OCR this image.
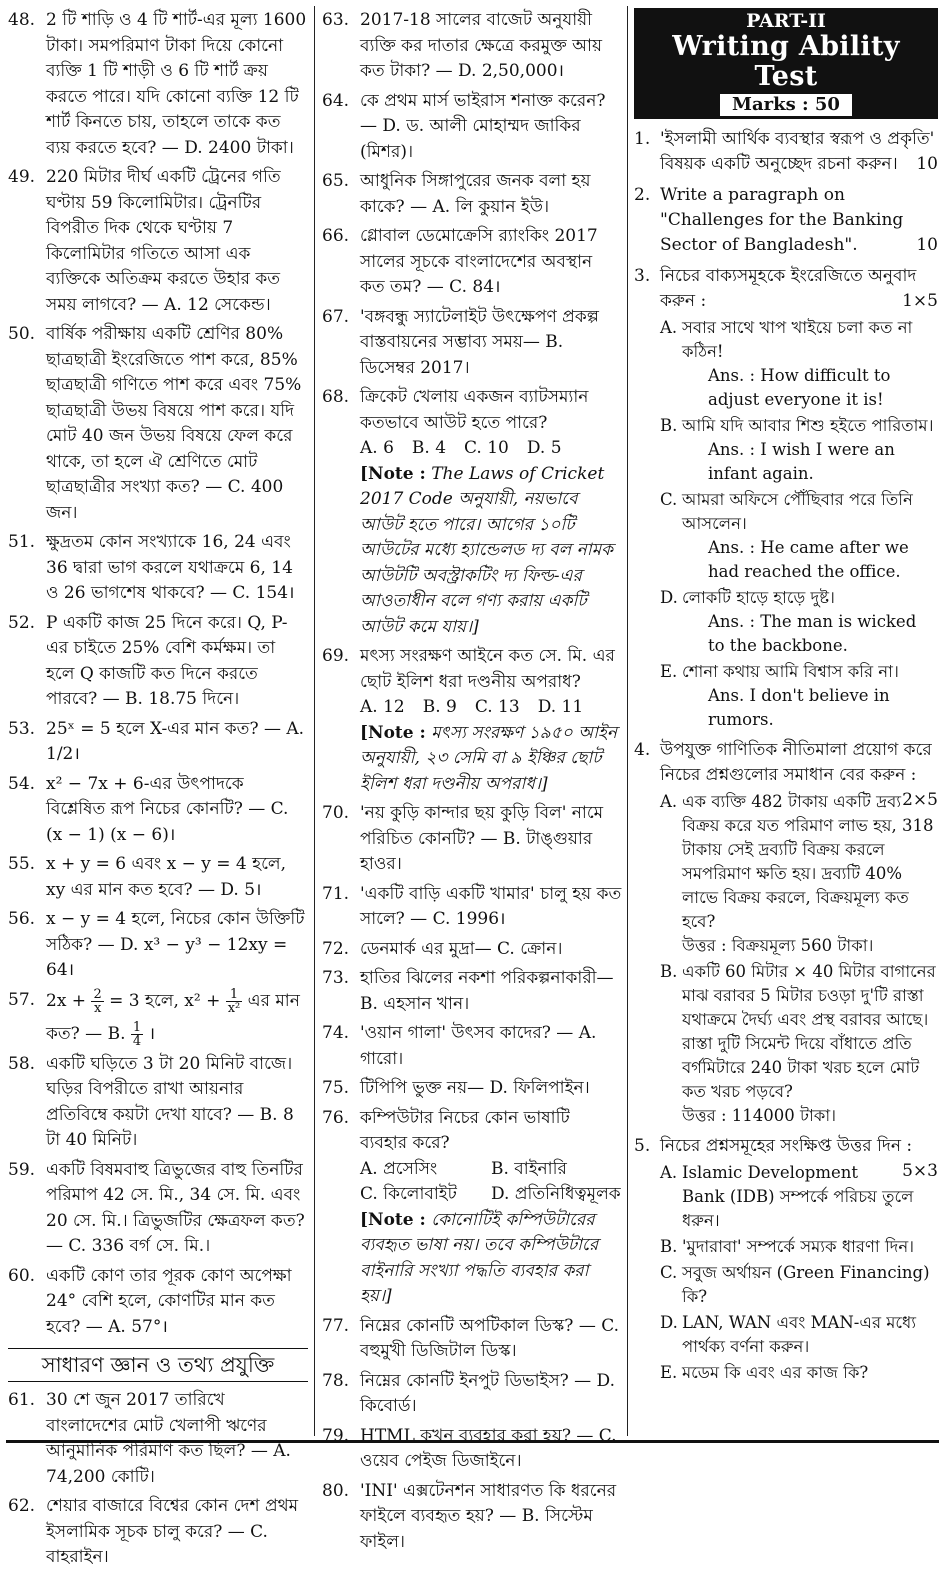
48. 2 টি শাড়ি ও 4 টি শার্ট-এর মূল্য 1600 টাকা। সমপরিমাণ টাকা দিয়ে কোনো ব্যক্তি 1 টি শাড়ী ও 6 টি শার্ট ক্রয় করতে পারে। যদি কোনো ব্যক্তি 12 টি শার্ট কিনতে চায়, তাহলে তাকে কত ব্যয় করতে হবে? — D. 2400 টাকা।
49. 220 মিটার দীর্ঘ একটি ট্রেনের গতি ঘণ্টায় 59 কিলোমিটার। ট্রেনটির বিপরীত দিক থেকে ঘণ্টায় 7 কিলোমিটার গতিতে আসা এক ব্যক্তিকে অতিক্রম করতে উহার কত সময় লাগবে? — A. 12 সেকেন্ড।
50. বার্ষিক পরীক্ষায় একটি শ্রেণির 80% ছাত্রছাত্রী ইংরেজিতে পাশ করে, 85% ছাত্রছাত্রী গণিতে পাশ করে এবং 75% ছাত্রছাত্রী উভয় বিষয়ে পাশ করে। যদি মোট 40 জন উভয় বিষয়ে ফেল করে থাকে, তা হলে ঐ শ্রেণিতে মোট ছাত্রছাত্রীর সংখ্যা কত? — C. 400 জন।
51. ক্ষুদ্রতম কোন সংখ্যাকে 16, 24 এবং 36 দ্বারা ভাগ করলে যথাক্রমে 6, 14 ও 26 ভাগশেষ থাকবে? — C. 154।
52. P একটি কাজ 25 দিনে করে। Q, P-এর চাইতে 25% বেশি কর্মক্ষম। তা হলে Q কাজটি কত দিনে করতে পারবে? — B. 18.75 দিনে।
53. 25ˣ = 5 হলে X-এর মান কত? — A. 1/2।
54. x² − 7x + 6-এর উৎপাদকে বিশ্লেষিত রূপ নিচের কোনটি? — C. (x − 1) (x − 6)।
55. x + y = 6 এবং x − y = 4 হলে, xy এর মান কত হবে? — D. 5।
56. x − y = 4 হলে, নিচের কোন উক্তিটি সঠিক? — D. x³ − y³ − 12xy = 64।
57. $2x + \frac{2}{x} = 3$ হলে, $x^2 + \frac{1}{\text{x²}}$ এর মান
কত? — B. $\frac{1}{4}$ ।
58. একটি ঘড়িতে 3 টা 20 মিনিট বাজে। ঘড়ির বিপরীতে রাখা আয়নার প্রতিবিম্বে কয়টা দেখা যাবে? — B. 8 টা 40 মিনিট।
59. একটি বিষমবাহু ত্রিভুজের বাহু তিনটির পরিমাপ 42 সে. মি., 34 সে. মি. এবং 20 সে. মি.। ত্রিভুজটির ক্ষেত্রফল কত? — C. 336 বর্গ সে. মি.।
60. একটি কোণ তার পূরক কোণ অপেক্ষা 24° বেশি হলে, কোণটির মান কত হবে? — A. 57°।
সাধারণ জ্ঞান ও তথ্য প্রযুক্তি
61. 30 শে জুন 2017 তারিখে বাংলাদেশের মোট খেলাপী ঋণের আনুমানিক পরিমাণ কত ছিল? — A. 74,200 কোটি।
62. শেয়ার বাজারে বিশ্বের কোন দেশ প্রথম ইসলামিক সূচক চালু করে? — C. বাহরাইন।
63. 2017-18 সালের বাজেট অনুযায়ী ব্যক্তি কর দাতার ক্ষেত্রে করমুক্ত আয় কত টাকা? — D. 2,50,000।
64. কে প্রথম মার্স ভাইরাস শনাক্ত করেন? — D. ড. আলী মোহাম্মদ জাকির (মিশর)।
65. আধুনিক সিঙ্গাপুরের জনক বলা হয় কাকে? — A. লি কুয়ান ইউ।
66. গ্লোবাল ডেমোক্রেসি র‍্যাংকিং 2017 সালের সূচকে বাংলাদেশের অবস্থান কত তম? — C. 84।
67. 'বঙ্গবন্ধু স্যাটেলাইট উৎক্ষেপণ প্রকল্প বাস্তবায়নের সম্ভাব্য সময়— B. ডিসেম্বর 2017।
68. ক্রিকেট খেলায় একজন ব্যাটসম্যান কতভাবে আউট হতে পারে?
A. 6 B. 4 C. 10 D. 5
[Note : The Laws of Cricket 2017 Code অনুযায়ী, নয়ভাবে আউট হতে পারে। আগের ১০টি আউটের মধ্যে হ্যান্ডেলড দ্য বল নামক আউটটি অবস্ট্রাকটিং দ্য ফিল্ড-এর আওতাধীন বলে গণ্য করায় একটি আউট কমে যায়।]
69. মৎস্য সংরক্ষণ আইনে কত সে. মি. এর ছোট ইলিশ ধরা দণ্ডনীয় অপরাধ?
A. 12 B. 9 C. 13 D. 11
[Note : মৎস্য সংরক্ষণ ১৯৫০ আইন অনুযায়ী, ২৩ সেমি বা ৯ ইঞ্চির ছোট ইলিশ ধরা দণ্ডনীয় অপরাধ।]
70. 'নয় কুড়ি কান্দার ছয় কুড়ি বিল' নামে পরিচিত কোনটি? — B. টাঙ্গুয়ার হাওর।
71. 'একটি বাড়ি একটি খামার' চালু হয় কত সালে? — C. 1996।
72. ডেনমার্ক এর মুদ্রা— C. ক্রোন।
73. হাতির ঝিলের নকশা পরিকল্পনাকারী— B. এহসান খান।
74. 'ওয়ান গালা' উৎসব কাদের? — A. গারো।
75. টিপিপি ভুক্ত নয়— D. ফিলিপাইন।
76. কম্পিউটার নিচের কোন ভাষাটি ব্যবহার করে?
A. প্রসেসিং	B. বাইনারি
C. কিলোবাইট	D. প্রতিনিধিত্বমূলক
[Note : কোনোটিই কম্পিউটারের ব্যবহৃত ভাষা নয়। তবে কম্পিউটারে বাইনারি সংখ্যা পদ্ধতি ব্যবহার করা হয়।]
77. নিম্নের কোনটি অপটিকাল ডিস্ক? — C. বহুমুখী ডিজিটাল ডিস্ক।
78. নিম্নের কোনটি ইনপুট ডিভাইস? — D. কিবোর্ড।
79. HTML কখন ব্যবহার করা হয়? — C. ওয়েব পেইজ ডিজাইনে।
80. 'INI' এক্সটেনশন সাধারণত কি ধরনের ফাইলে ব্যবহৃত হয়? — B. সিস্টেম ফাইল।
PART-II
Writing Ability Test
Marks : 50
1. 'ইসলামী আর্থিক ব্যবস্থার স্বরূপ ও প্রকৃতি' বিষয়ক একটি অনুচ্ছেদ রচনা করুন। 10
2. Write a paragraph on "Challenges for the Banking Sector of Bangladesh".	10
3. নিচের বাক্যসমূহকে ইংরেজিতে অনুবাদ করুন :	1×5
A. সবার সাথে খাপ খাইয়ে চলা কত না কঠিন!
Ans. : How difficult to adjust everyone it is!
B. আমি যদি আবার শিশু হইতে পারিতাম।
Ans. : I wish I were an infant again.
C. আমরা অফিসে পৌঁছিবার পরে তিনি আসলেন।
Ans. : He came after we had reached the office.
D. লোকটি হাড়ে হাড়ে দুষ্ট।
Ans. : The man is wicked to the backbone.
E. শোনা কথায় আমি বিশ্বাস করি না।
Ans. I don't believe in rumors.
4. উপযুক্ত গাণিতিক নীতিমালা প্রয়োগ করে নিচের প্রশ্নগুলোর সমাধান বের করুন :
2×5
A. এক ব্যক্তি 482 টাকায় একটি দ্রব্য বিক্রয় করে যত পরিমাণ লাভ হয়, 318 টাকায় সেই দ্রব্যটি বিক্রয় করলে সমপরিমাণ ক্ষতি হয়। দ্রব্যটি 40% লাভে বিক্রয় করলে, বিক্রয়মূল্য কত হবে?
উত্তর : বিক্রয়মূল্য 560 টাকা।
B. একটি 60 মিটার × 40 মিটার বাগানের মাঝ বরাবর 5 মিটার চওড়া দু'টি রাস্তা যথাক্রমে দৈর্ঘ্য এবং প্রস্থ বরাবর আছে। রাস্তা দুটি সিমেন্ট দিয়ে বাঁধাতে প্রতি বর্গমিটারে 240 টাকা খরচ হলে মোট কত খরচ পড়বে?
উত্তর : 114000 টাকা।
5. নিচের প্রশ্নসমূহের সংক্ষিপ্ত উত্তর দিন :
5×3
A. Islamic Development Bank (IDB) সম্পর্কে পরিচয় তুলে ধরুন।
B. 'মুদারাবা' সম্পর্কে সম্যক ধারণা দিন।
C. সবুজ অর্থায়ন (Green Financing) কি?
D. LAN, WAN এবং MAN-এর মধ্যে পার্থক্য বর্ণনা করুন।
E. মডেম কি এবং এর কাজ কি?
